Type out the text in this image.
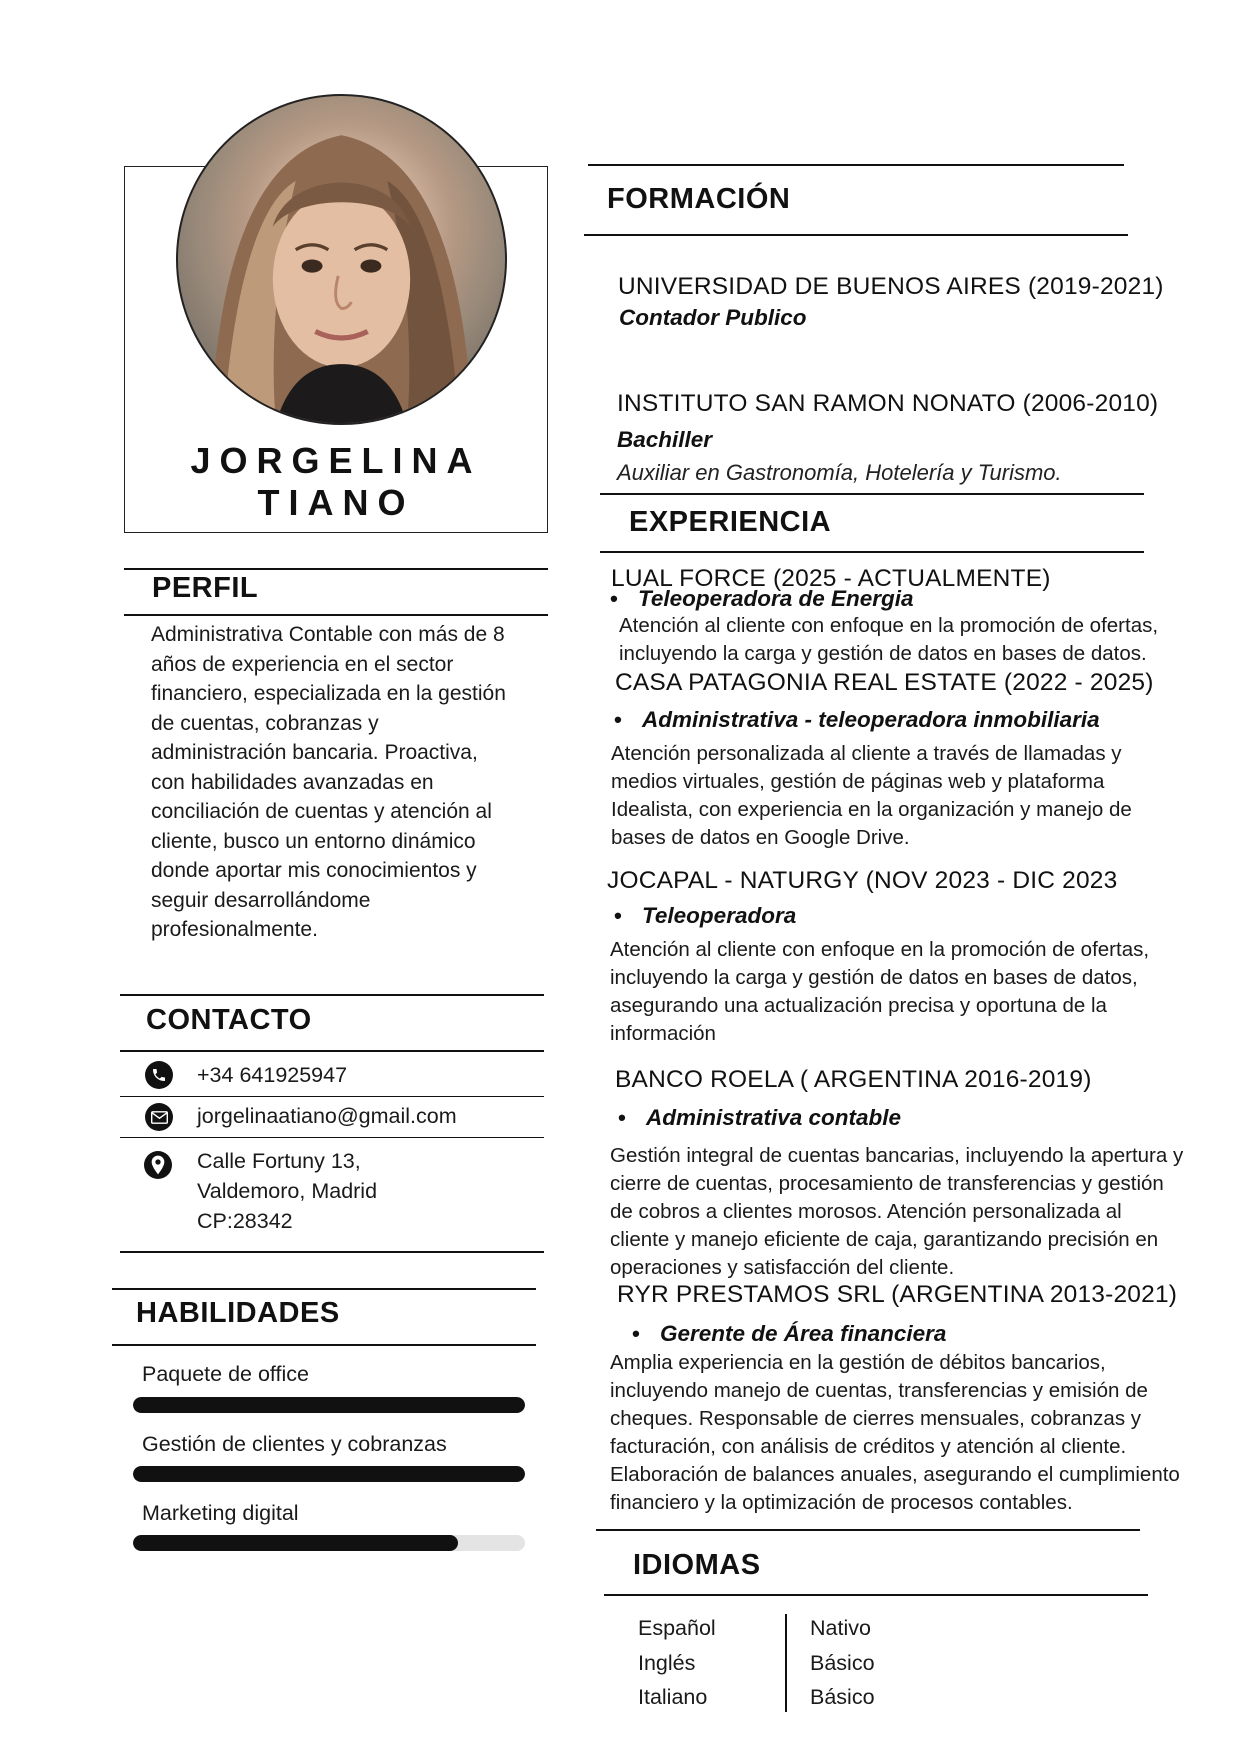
JORGELINA TIANO
PERFIL
Administrativa Contable con más de 8
años de experiencia en el sector
financiero, especializada en la gestión
de cuentas, cobranzas y
administración bancaria. Proactiva,
con habilidades avanzadas en
conciliación de cuentas y atención al
cliente, busco un entorno dinámico
donde aportar mis conocimientos y
seguir desarrollándome
profesionalmente.
CONTACTO
+34 641925947
jorgelinaatiano@gmail.com
Calle Fortuny 13,
Valdemoro, Madrid
CP:28342
HABILIDADES
Paquete de office
Gestión de clientes y cobranzas
Marketing digital
FORMACIÓN
UNIVERSIDAD DE BUENOS AIRES (2019-2021)
Contador Publico
INSTITUTO SAN RAMON NONATO (2006-2010)
Bachiller
Auxiliar en Gastronomía, Hotelería y Turismo.
EXPERIENCIA
LUAL FORCE (2025 - ACTUALMENTE)
• Teleoperadora de Energia
Atención al cliente con enfoque en la promoción de ofertas,
incluyendo la carga y gestión de datos en bases de datos.
CASA PATAGONIA REAL ESTATE (2022 - 2025)
• Administrativa - teleoperadora inmobiliaria
Atención personalizada al cliente a través de llamadas y
medios virtuales, gestión de páginas web y plataforma
Idealista, con experiencia en la organización y manejo de
bases de datos en Google Drive.
JOCAPAL - NATURGY (NOV 2023 - DIC 2023
• Teleoperadora
Atención al cliente con enfoque en la promoción de ofertas,
incluyendo la carga y gestión de datos en bases de datos,
asegurando una actualización precisa y oportuna de la
información
BANCO ROELA ( ARGENTINA 2016-2019)
• Administrativa contable
Gestión integral de cuentas bancarias, incluyendo la apertura y
cierre de cuentas, procesamiento de transferencias y gestión
de cobros a clientes morosos. Atención personalizada al
cliente y manejo eficiente de caja, garantizando precisión en
operaciones y satisfacción del cliente.
RYR PRESTAMOS SRL (ARGENTINA 2013-2021)
• Gerente de Área financiera
Amplia experiencia en la gestión de débitos bancarios,
incluyendo manejo de cuentas, transferencias y emisión de
cheques. Responsable de cierres mensuales, cobranzas y
facturación, con análisis de créditos y atención al cliente.
Elaboración de balances anuales, asegurando el cumplimiento
financiero y la optimización de procesos contables.
IDIOMAS
Español
Inglés
Italiano
Nativo
Básico
Básico
